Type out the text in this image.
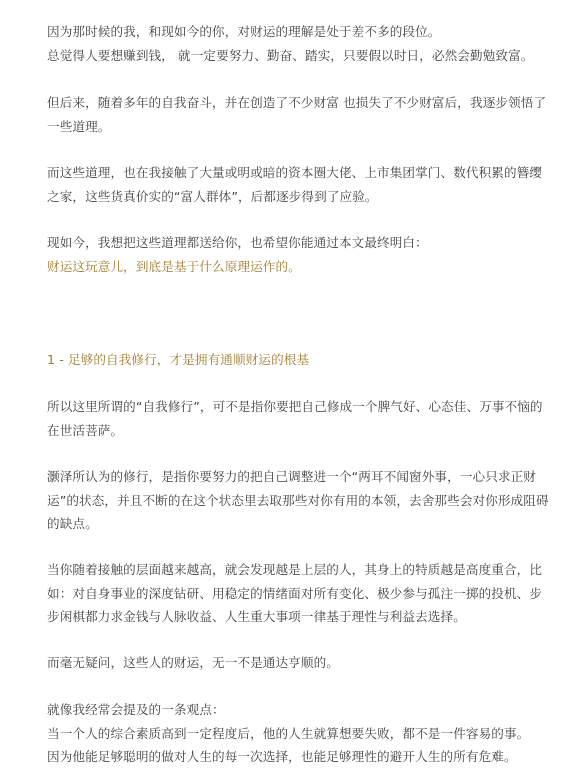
因为那时候的我，和现如今的你，对财运的理解是处于差不多的段位。
总觉得人要想赚到钱， 就一定要努力、勤奋、踏实，只要假以时日，必然会勤勉致富。

但后来，随着多年的自我奋斗，并在创造了不少财富 也损失了不少财富后，我逐步领悟了
一些道理。

而这些道理，也在我接触了大量或明或暗的资本圈大佬、上市集团掌门、数代积累的簪缨
之家，这些货真价实的“富人群体”，后都逐步得到了应验。

现如今，我想把这些道理都送给你，也希望你能通过本文最终明白：
财运这玩意儿，到底是基于什么原理运作的。

1 - 足够的自我修行，才是拥有通顺财运的根基

所以这里所谓的“自我修行”，可不是指你要把自己修成一个脾气好、心态佳、万事不恼的
在世活菩萨。

灏泽所认为的修行，是指你要努力的把自己调整进一个“两耳不闻窗外事，一心只求正财
运”的状态，并且不断的在这个状态里去取那些对你有用的本领，去舍那些会对你形成阻碍
的缺点。

当你随着接触的层面越来越高，就会发现越是上层的人，其身上的特质越是高度重合，比
如：对自身事业的深度钻研、用稳定的情绪面对所有变化、极少参与孤注一掷的投机、步
步闲棋都力求金钱与人脉收益、人生重大事项一律基于理性与利益去选择。

而毫无疑问，这些人的财运，无一不是通达亨顺的。

就像我经常会提及的一条观点：
当一个人的综合素质高到一定程度后，他的人生就算想要失败，都不是一件容易的事。
因为他能足够聪明的做对人生的每一次选择，也能足够理性的避开人生的所有危难。
